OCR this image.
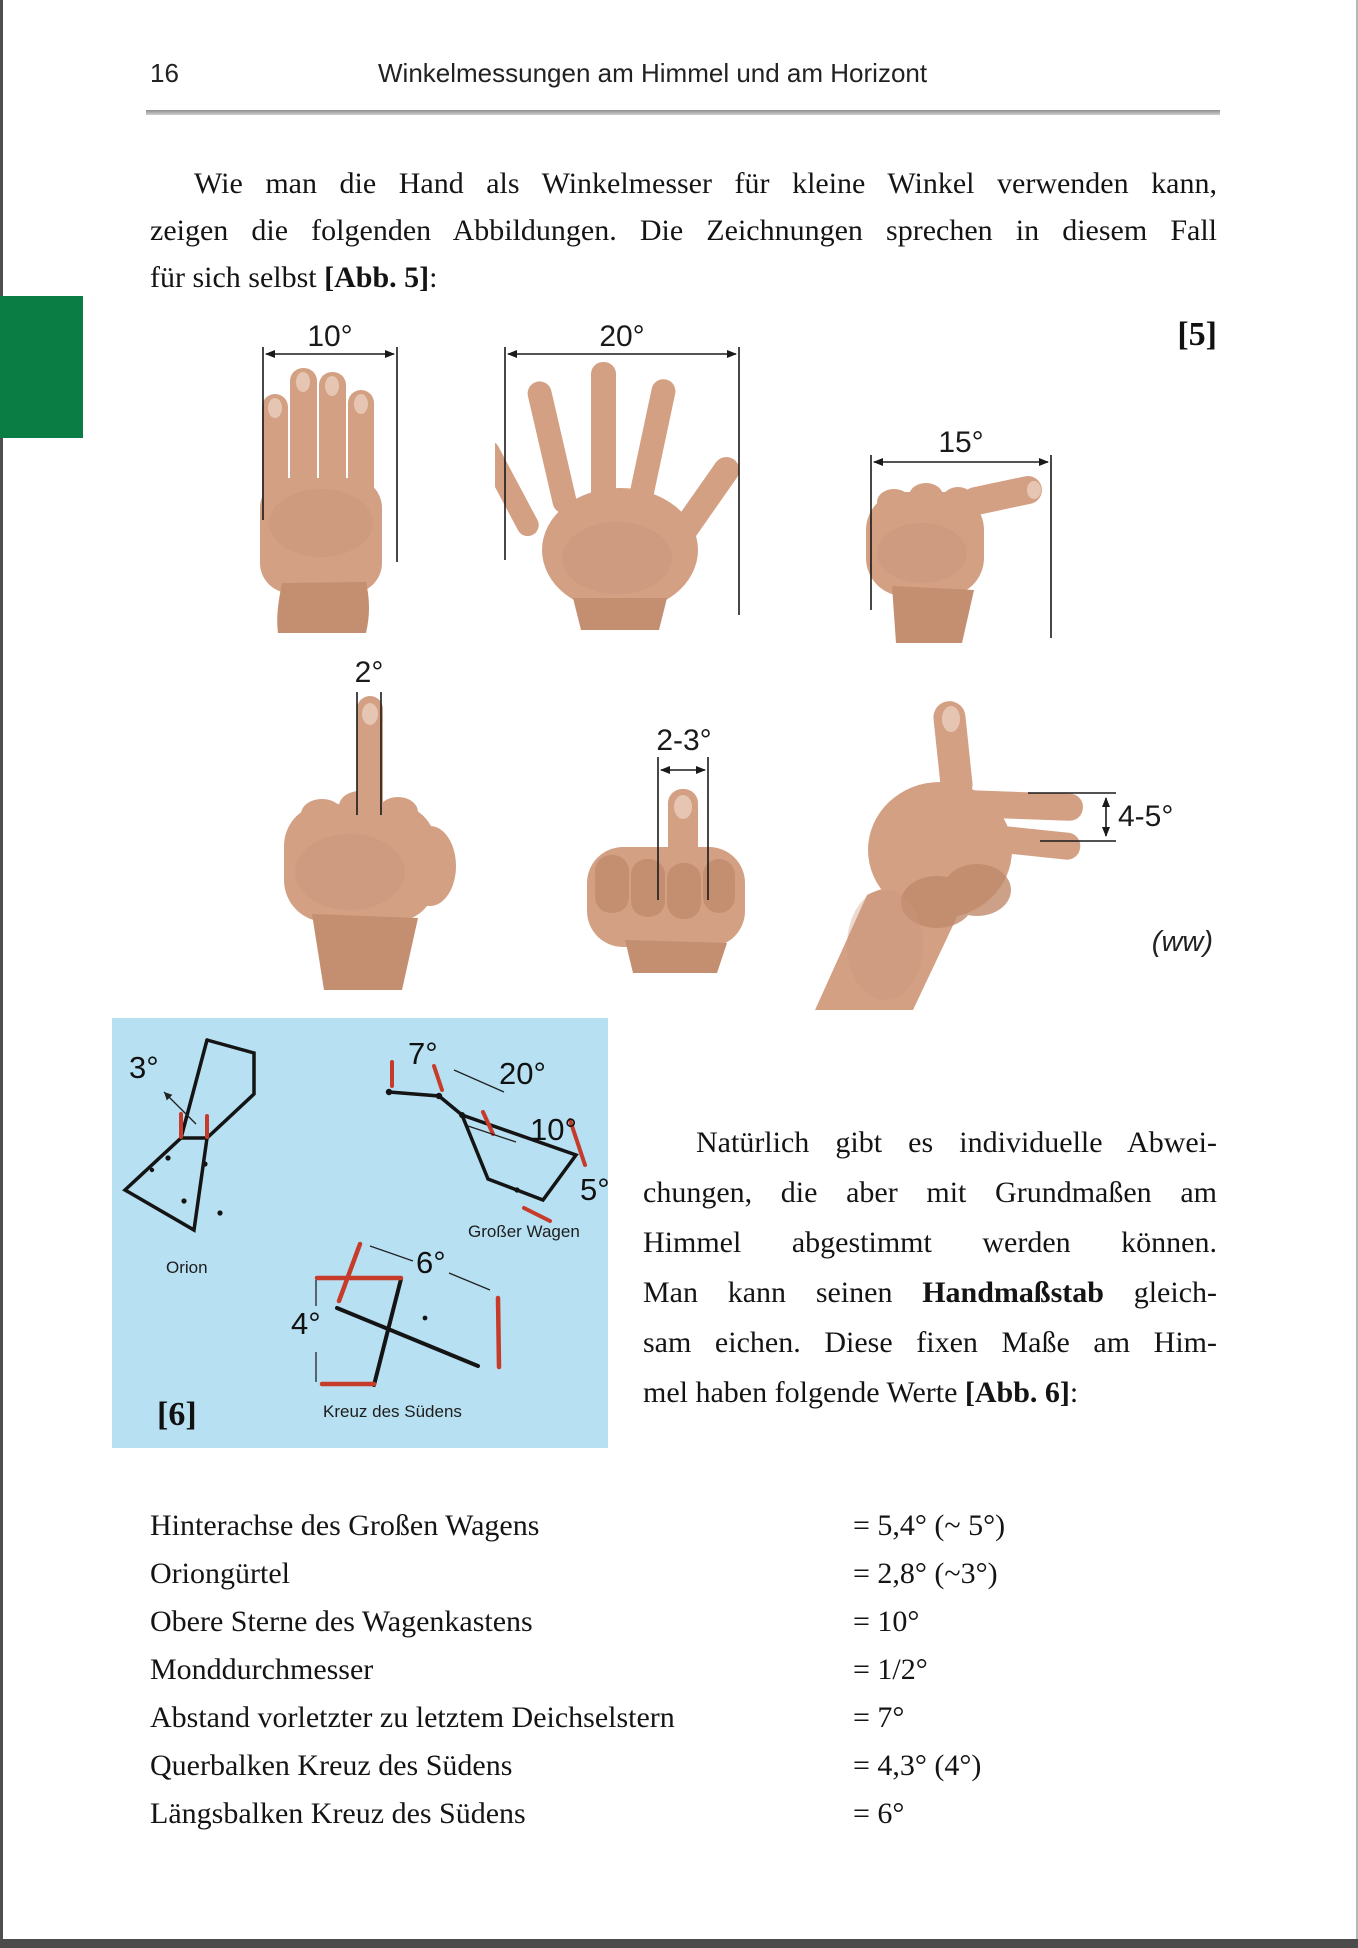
16	Winkelmessungen am Himmel und am Horizont
Wie man die Hand als Winkelmesser für kleine Winkel verwenden kann,
zeigen die folgenden Abbildungen. Die Zeichnungen sprechen in diesem Fall
für sich selbst [Abb. 5]:
10°	20°
15°
2°
2-3°
4-5°
[5]
(ww)
3°	7°
20°
10°
5°
6°
4°
Orion
Großer Wagen
Kreuz des Südens
[6]
Natürlich gibt es individuelle Abwei-
chungen, die aber mit Grundmaßen am
Himmel abgestimmt werden können.
Man kann seinen Handmaßstab gleich-
sam eichen. Diese fixen Maße am Him-
mel haben folgende Werte [Abb. 6]:
Hinterachse des Großen Wagens	= 5,4° (~ 5°)
Oriongürtel	= 2,8° (~3°)
Obere Sterne des Wagenkastens	= 10°
Monddurchmesser	= 1/2°
Abstand vorletzter zu letztem Deichselstern	= 7°
Querbalken Kreuz des Südens	= 4,3° (4°)
Längsbalken Kreuz des Südens	= 6°
